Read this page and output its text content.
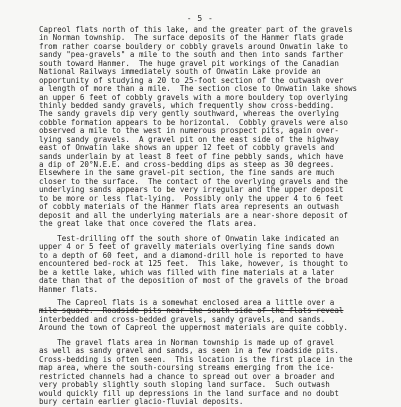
- 5 -
Capreol flats north of this lake, and the greater part of the gravels
in Norman township.  The surface deposits of the Hanmer flats grade
from rather coarse bouldery or cobbly gravels around Onwatin lake to
sandy "pea-gravels" a mile to the south and then into sands farther
south toward Hanmer.  The huge gravel pit workings of the Canadian
National Railways immediately south of Onwatin Lake provide an
opportunity of studying a 20 to 25-foot section of the outwash over
a length of more than a mile.  The section close to Onwatin lake shows
an upper 6 feet of cobbly gravels with a more bouldery top overlying
thinly bedded sandy gravels, which frequently show cross-bedding.
The sandy gravels dip very gently southward, whereas the overlying
cobble formation appears to be horizontal.  Cobbly gravels were also
observed a mile to the west in numerous prospect pits, again over-
lying sandy gravels.  A gravel pit on the east side of the highway
east of Onwatin lake shows an upper 12 feet of cobbly gravels and
sands underlain by at least 8 feet of fine pebbly sands, which have
a dip of 20°N.E.E. and cross-bedding dips as steep as 30 degrees.
Elsewhere in the same gravel-pit section, the fine sands are much
closer to the surface.  The contact of the overlying gravels and the
underlying sands appears to be very irregular and the upper deposit
to be more or less flat-lying.  Possibly only the upper 4 to 6 feet
of cobbly materials of the Hanmer flats area represents an outwash
deposit and all the underlying materials are a near-shore deposit of
the great lake that once covered the flats area.
Test-drilling off the south shore of Onwatin lake indicated an
upper 4 or 5 feet of gravelly materials overlying fine sands down
to a depth of 60 feet, and a diamond-drill hole is reported to have
encountered bed-rock at 125 feet.  This lake, however, is thought to
be a kettle lake, which was filled with fine materials at a later
date than that of the deposition of most of the gravels of the broad
Hanmer flats.
The Capreol flats is a somewhat enclosed area a little over a
mile square.  Roadside pits near the south side of the flats reveal
interbedded and cross-bedded gravels, sandy gravels, and sands.
Around the town of Capreol the uppermost materials are quite cobbly.
The gravel flats area in Norman township is made up of gravel
as well as sandy gravel and sands, as seen in a few roadside pits.
Cross-bedding is often seen.  This location is the first place in the
map area, where the south-coursing streams emerging from the ice-
restricted channels had a chance to spread out over a broader and
very probably slightly south sloping land surface.  Such outwash
would quickly fill up depressions in the land surface and no doubt
bury certain earlier glacio-fluvial deposits.
